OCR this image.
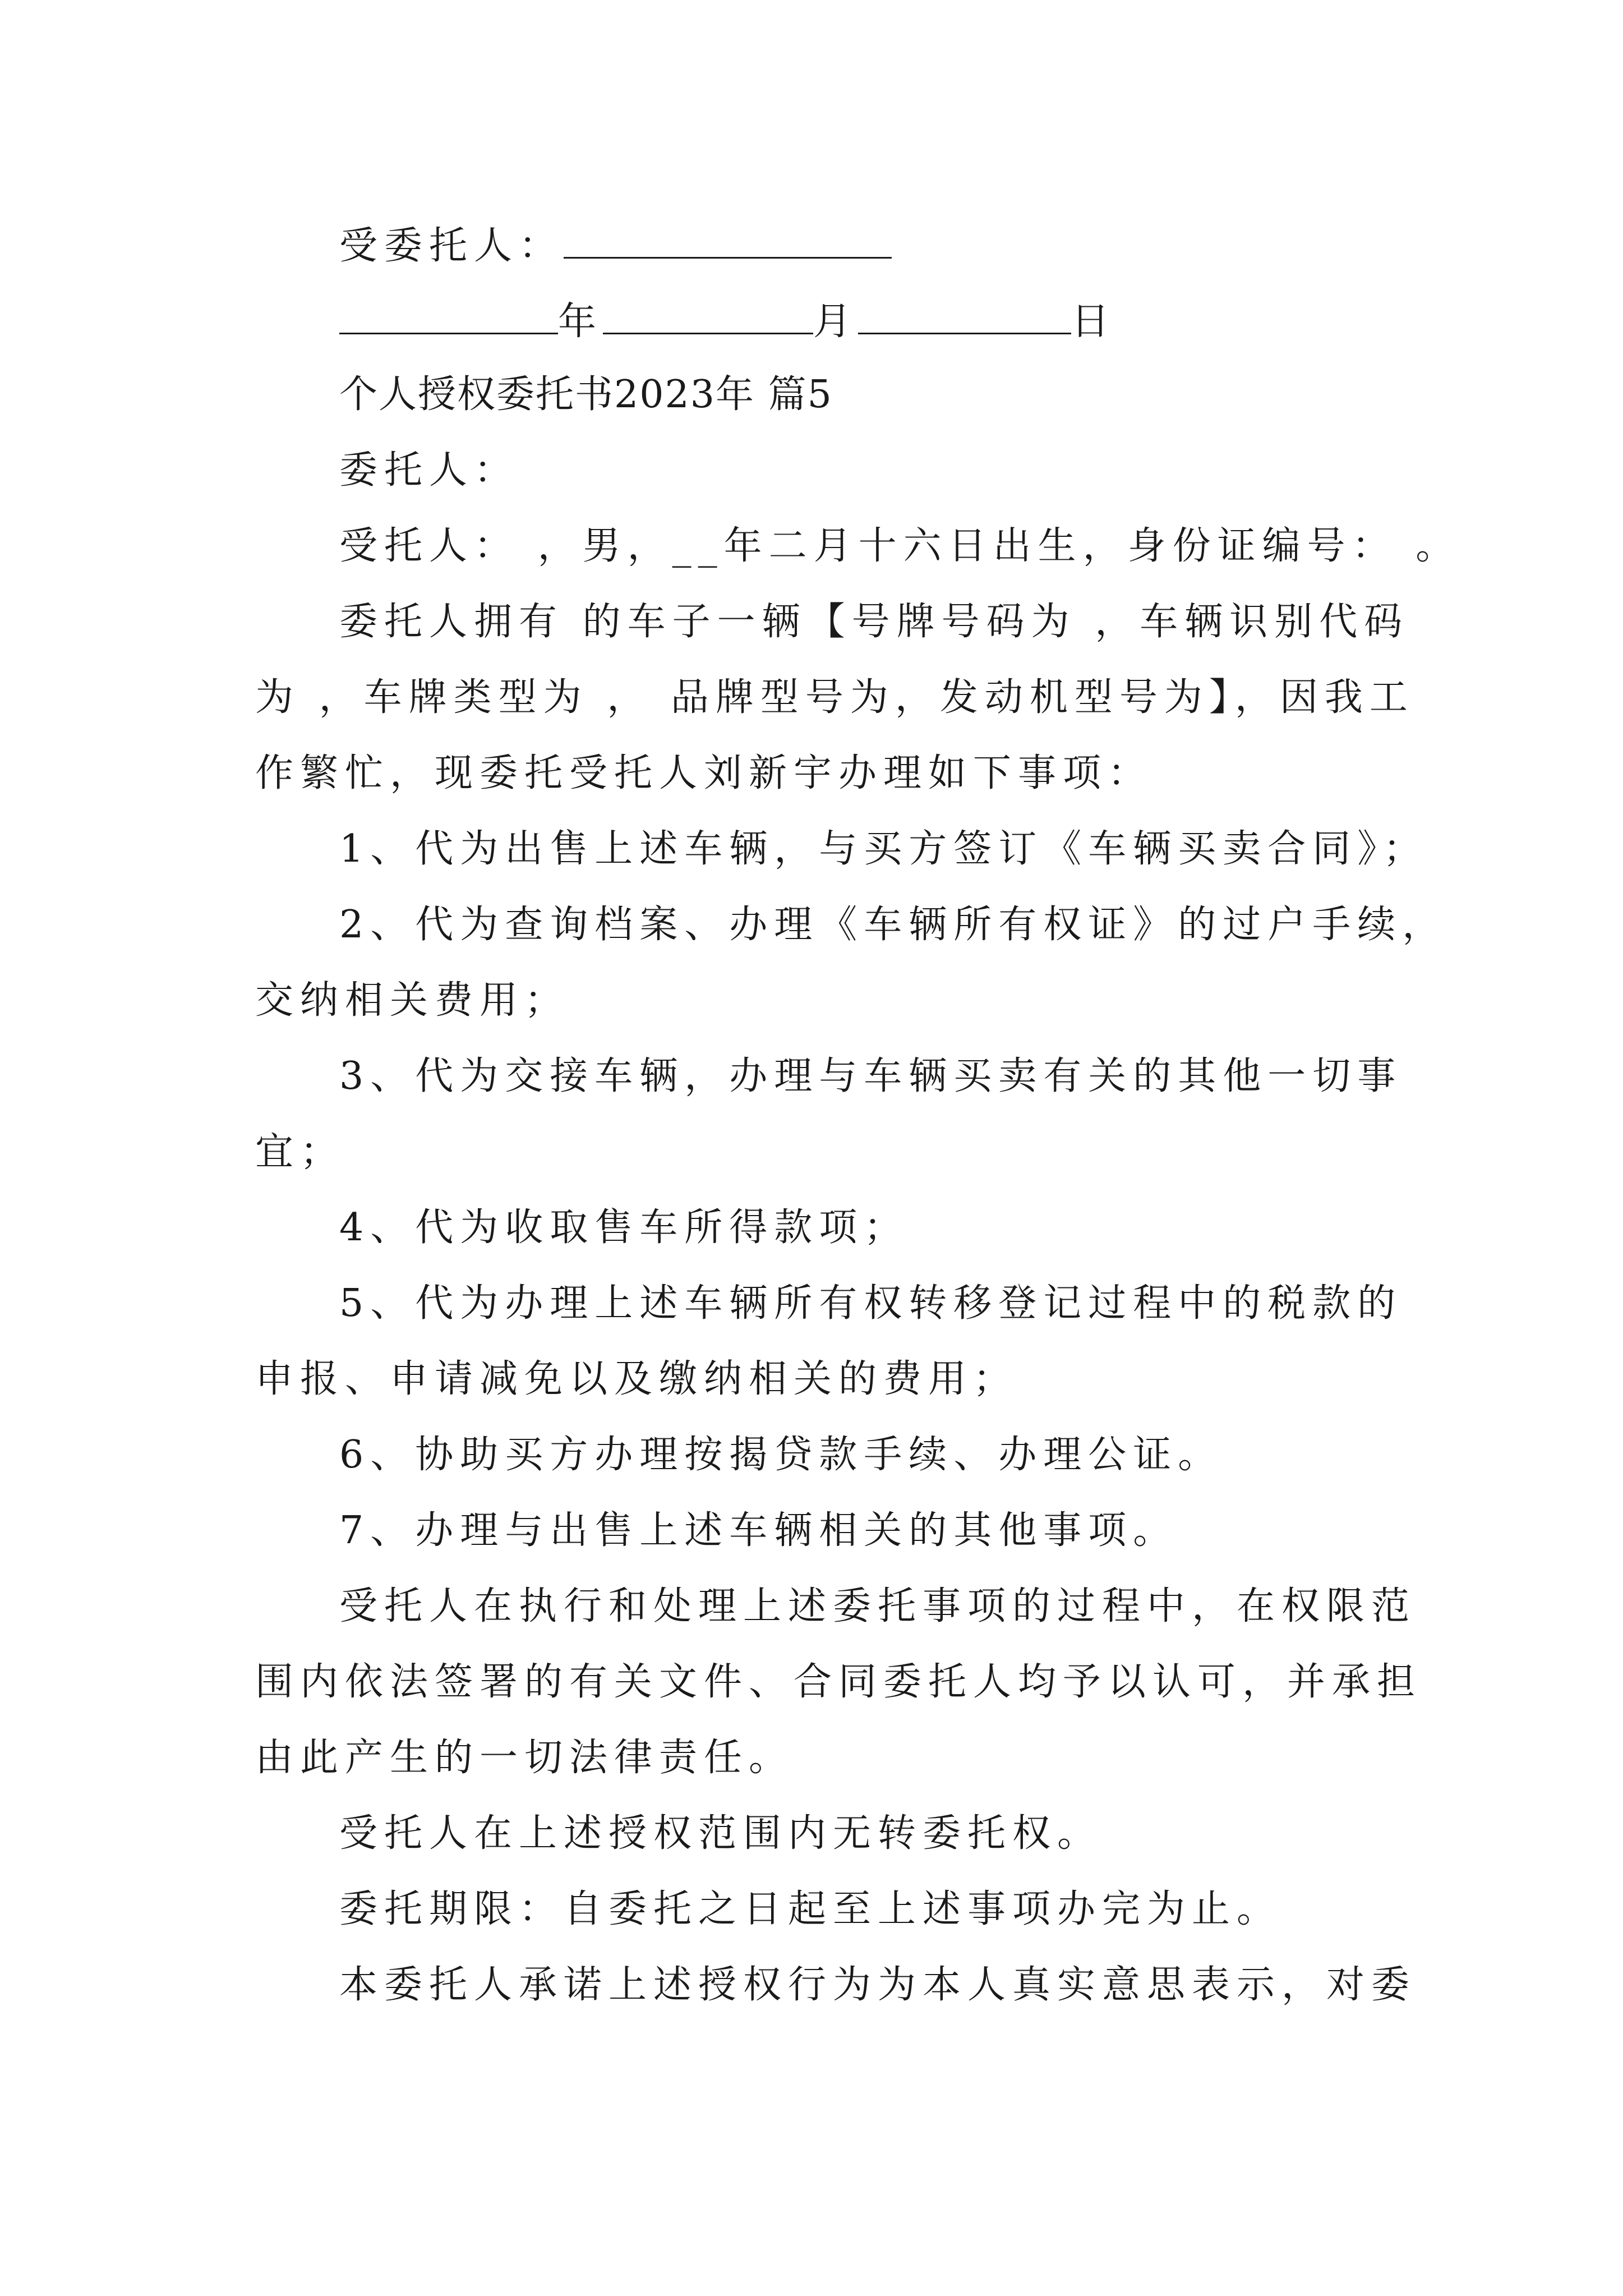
受委托人：
年	月	日
个人授权委托书2023年 篇5
委托人：
受托人： ，男，__年二月十六日出生，身份证编号： 。
委托人拥有 的车子一辆【号牌号码为 ，车辆识别代码
为 ，车牌类型为 ， 品牌型号为，发动机型号为】，因我工
作繁忙，现委托受托人刘新宇办理如下事项：
1、代为出售上述车辆，与买方签订《车辆买卖合同》；
2、代为查询档案、办理《车辆所有权证》的过户手续，
交纳相关费用；
3、代为交接车辆，办理与车辆买卖有关的其他一切事
宜；
4、代为收取售车所得款项；
5、代为办理上述车辆所有权转移登记过程中的税款的
申报、申请减免以及缴纳相关的费用；
6、协助买方办理按揭贷款手续、办理公证。
7、办理与出售上述车辆相关的其他事项。
受托人在执行和处理上述委托事项的过程中，在权限范
围内依法签署的有关文件、合同委托人均予以认可，并承担
由此产生的一切法律责任。
受托人在上述授权范围内无转委托权。
委托期限：自委托之日起至上述事项办完为止。
本委托人承诺上述授权行为为本人真实意思表示，对委
